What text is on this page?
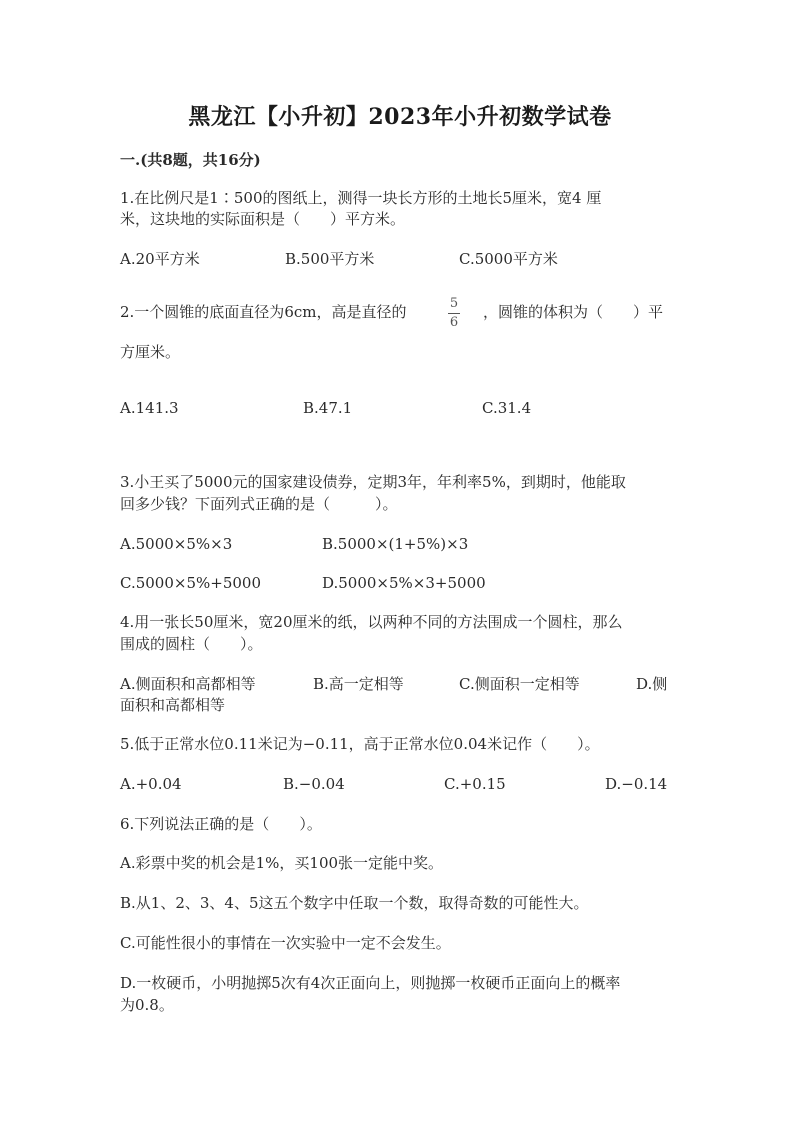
黑龙江【小升初】2023年小升初数学试卷
一.(共8题，共16分)
1.在比例尺是1∶500的图纸上，测得一块长方形的土地长5厘米，宽4 厘
米，这块地的实际面积是（　　）平方米。
A.20平方米	B.500平方米	C.5000平方米
2.一个圆锥的底面直径为6cm，高是直径的	5
6
，圆锥的体积为（　　）平
方厘米。
A.141.3	B.47.1	C.31.4
3.小王买了5000元的国家建设债券，定期3年，年利率5%，到期时，他能取
回多少钱？下面列式正确的是（　　　）。
A.5000×5%×3	B.5000×(1+5%)×3
C.5000×5%+5000	D.5000×5%×3+5000
4.用一张长50厘米，宽20厘米的纸，以两种不同的方法围成一个圆柱，那么
围成的圆柱（　　）。
A.侧面积和高都相等	B.高一定相等	C.侧面积一定相等	D.侧
面积和高都相等
5.低于正常水位0.11米记为−0.11，高于正常水位0.04米记作（　　）。
A.+0.04	B.−0.04	C.+0.15	D.−0.14
6.下列说法正确的是（　　）。
A.彩票中奖的机会是1%，买100张一定能中奖。
B.从1、2、3、4、5这五个数字中任取一个数，取得奇数的可能性大。
C.可能性很小的事情在一次实验中一定不会发生。
D.一枚硬币，小明抛掷5次有4次正面向上，则抛掷一枚硬币正面向上的概率
为0.8。
